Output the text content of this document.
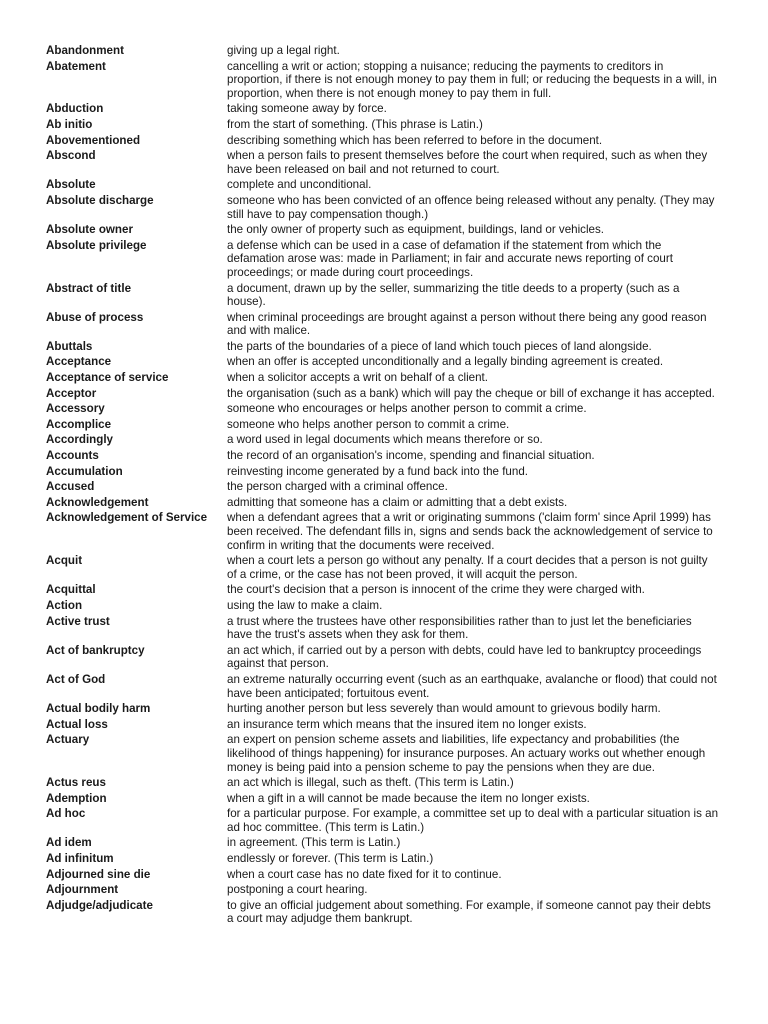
Abandonment	giving up a legal right.
Abatement	cancelling a writ or action; stopping a nuisance; reducing the payments to creditors in proportion, if there is not enough money to pay them in full; or reducing the bequests in a will, in proportion, when there is not enough money to pay them in full.
Abduction	taking someone away by force.
Ab initio	from the start of something. (This phrase is Latin.)
Abovementioned	describing something which has been referred to before in the document.
Abscond	when a person fails to present themselves before the court when required, such as when they have been released on bail and not returned to court.
Absolute	complete and unconditional.
Absolute discharge	someone who has been convicted of an offence being released without any penalty. (They may still have to pay compensation though.)
Absolute owner	the only owner of property such as equipment, buildings, land or vehicles.
Absolute privilege	a defense which can be used in a case of defamation if the statement from which the defamation arose was: made in Parliament; in fair and accurate news reporting of court proceedings; or made during court proceedings.
Abstract of title	a document, drawn up by the seller, summarizing the title deeds to a property (such as a house).
Abuse of process	when criminal proceedings are brought against a person without there being any good reason and with malice.
Abuttals	the parts of the boundaries of a piece of land which touch pieces of land alongside.
Acceptance	when an offer is accepted unconditionally and a legally binding agreement is created.
Acceptance of service	when a solicitor accepts a writ on behalf of a client.
Acceptor	the organisation (such as a bank) which will pay the cheque or bill of exchange it has accepted.
Accessory	someone who encourages or helps another person to commit a crime.
Accomplice	someone who helps another person to commit a crime.
Accordingly	a word used in legal documents which means therefore or so.
Accounts	the record of an organisation's income, spending and financial situation.
Accumulation	reinvesting income generated by a fund back into the fund.
Accused	the person charged with a criminal offence.
Acknowledgement	admitting that someone has a claim or admitting that a debt exists.
Acknowledgement of Service	when a defendant agrees that a writ or originating summons ('claim form' since April 1999) has been received. The defendant fills in, signs and sends back the acknowledgement of service to confirm in writing that the documents were received.
Acquit	when a court lets a person go without any penalty. If a court decides that a person is not guilty of a crime, or the case has not been proved, it will acquit the person.
Acquittal	the court's decision that a person is innocent of the crime they were charged with.
Action	using the law to make a claim.
Active trust	a trust where the trustees have other responsibilities rather than to just let the beneficiaries have the trust's assets when they ask for them.
Act of bankruptcy	an act which, if carried out by a person with debts, could have led to bankruptcy proceedings against that person.
Act of God	an extreme naturally occurring event (such as an earthquake, avalanche or flood) that could not have been anticipated; fortuitous event.
Actual bodily harm	hurting another person but less severely than would amount to grievous bodily harm.
Actual loss	an insurance term which means that the insured item no longer exists.
Actuary	an expert on pension scheme assets and liabilities, life expectancy and probabilities (the likelihood of things happening) for insurance purposes. An actuary works out whether enough money is being paid into a pension scheme to pay the pensions when they are due.
Actus reus	an act which is illegal, such as theft. (This term is Latin.)
Ademption	when a gift in a will cannot be made because the item no longer exists.
Ad hoc	for a particular purpose. For example, a committee set up to deal with a particular situation is an ad hoc committee. (This term is Latin.)
Ad idem	in agreement. (This term is Latin.)
Ad infinitum	endlessly or forever. (This term is Latin.)
Adjourned sine die	when a court case has no date fixed for it to continue.
Adjournment	postponing a court hearing.
Adjudge/adjudicate	to give an official judgement about something. For example, if someone cannot pay their debts a court may adjudge them bankrupt.
